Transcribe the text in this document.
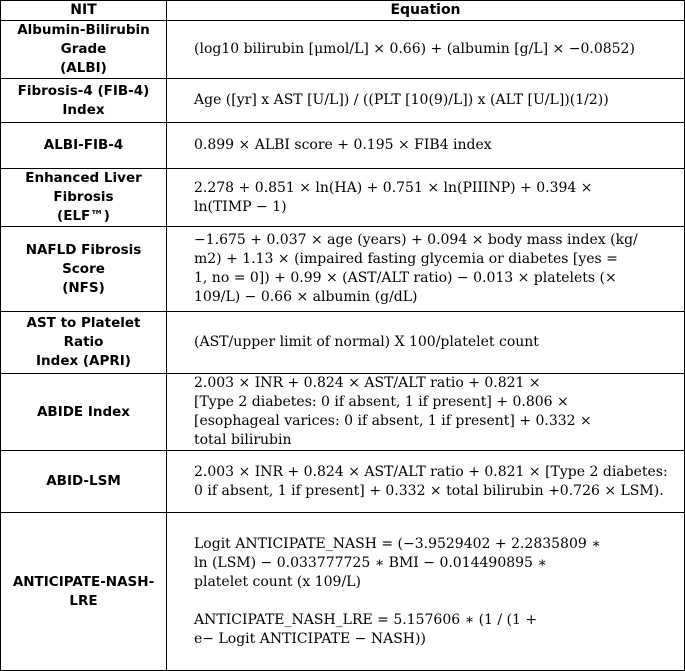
NIT	Equation

Albumin-Bilirubin Grade
(ALBI)	(log10 bilirubin [μmol/L] × 0.66) + (albumin [g/L] × −0.0852)

Fibrosis-4 (FIB-4) Index	Age ([yr] x AST [U/L]) / ((PLT [10(9)/L]) x (ALT [U/L])(1/2))

ALBI-FIB-4	0.899 × ALBI score + 0.195 × FIB4 index

Enhanced Liver Fibrosis
(ELF™)	2.278 + 0.851 × ln(HA) + 0.751 × ln(PIIINP) + 0.394 ×
ln(TIMP − 1)

NAFLD Fibrosis Score
(NFS)	−1.675 + 0.037 × age (years) + 0.094 × body mass index (kg/
m2) + 1.13 × (impaired fasting glycemia or diabetes [yes =
1, no = 0]) + 0.99 × (AST/ALT ratio) − 0.013 × platelets (×
109/L) − 0.66 × albumin (g/dL)

AST to Platelet Ratio
Index (APRI)	(AST/upper limit of normal) X 100/platelet count

ABIDE Index	2.003 × INR + 0.824 × AST/ALT ratio + 0.821 ×
[Type 2 diabetes: 0 if absent, 1 if present] + 0.806 ×
[esophageal varices: 0 if absent, 1 if present] + 0.332 ×
total bilirubin

ABID-LSM	2.003 × INR + 0.824 × AST/ALT ratio + 0.821 × [Type 2 diabetes:
0 if absent, 1 if present] + 0.332 × total bilirubin +0.726 × LSM).

ANTICIPATE-NASH-LRE	Logit ANTICIPATE_NASH = (−3.9529402 + 2.2835809 ∗
ln (LSM) − 0.033777725 ∗ BMI − 0.014490895 ∗
platelet count (x 109/L)
ANTICIPATE_NASH_LRE = 5.157606 ∗ (1 / (1 +
e− Logit ANTICIPATE − NASH))
